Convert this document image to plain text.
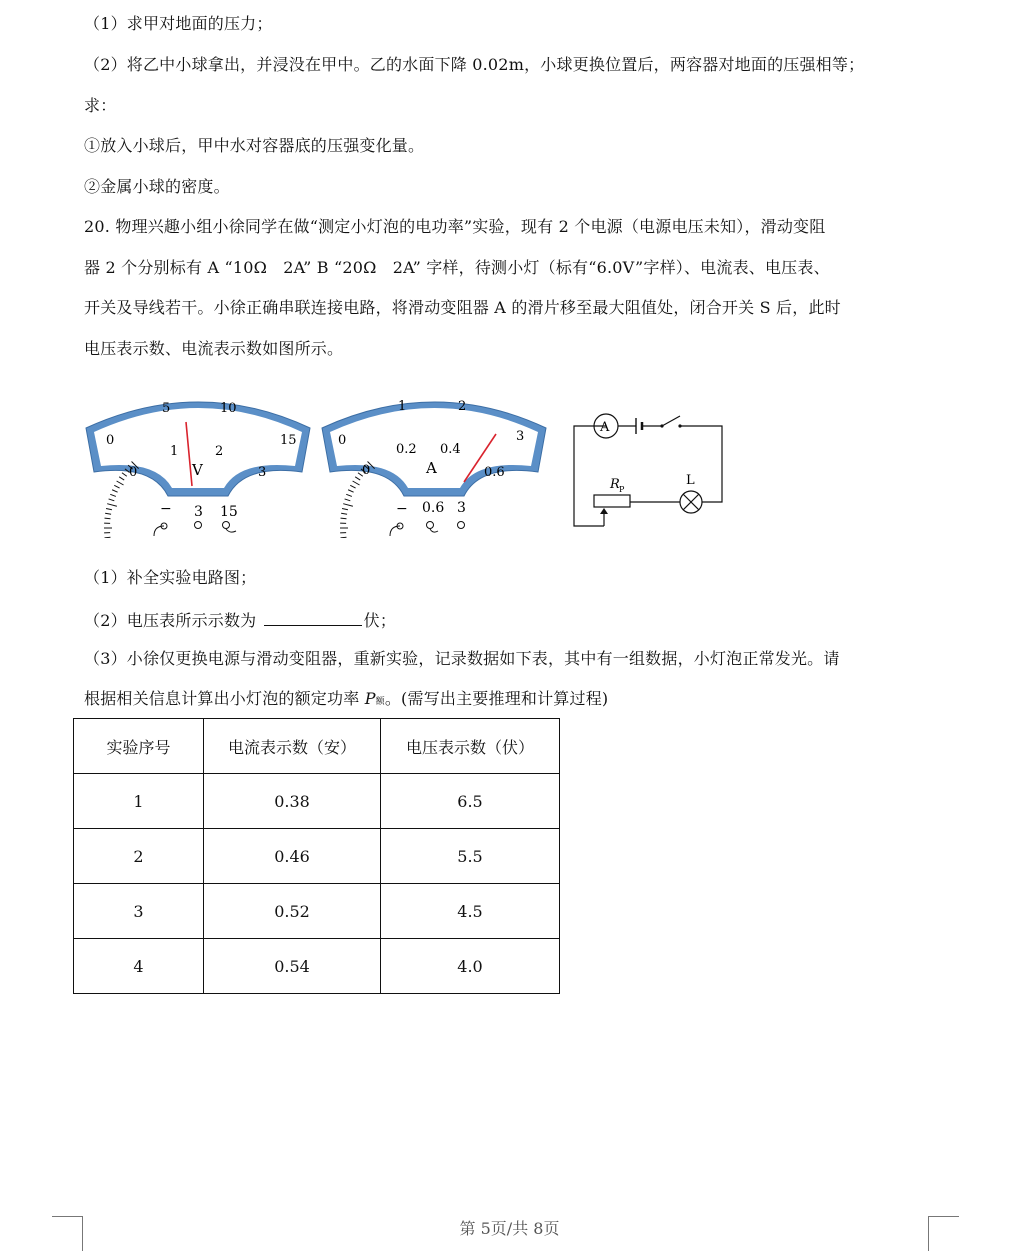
（1）求甲对地面的压力；
（2）将乙中小球拿出，并浸没在甲中。乙的水面下降 0.02m，小球更换位置后，两容器对地面的压强相等；
求：
①放入小球后，甲中水对容器底的压强变化量。
②金属小球的密度。
20. 物理兴趣小组小徐同学在做“测定小灯泡的电功率”实验，现有 2 个电源（电源电压未知），滑动变阻
器 2 个分别标有 A “10Ω　2A” B “20Ω　2A” 字样，待测小灯（标有“6.0V”字样）、电流表、电压表、
开关及导线若干。小徐正确串联连接电路，将滑动变阻器 A 的滑片移至最大阻值处，闭合开关 S 后，此时
电压表示数、电流表示数如图所示。
0
5	10
15
0
1	2
3
V
− 3 15
0
1	2
3
0
0.2 0.4
0.6
A
− 0.6 3
A
R P
L
（1）补全实验电路图；
（2）电压表所示示数为	伏；
（3）小徐仅更换电源与滑动变阻器，重新实验，记录数据如下表，其中有一组数据，小灯泡正常发光。请
根据相关信息计算出小灯泡的额定功率 P额。(需写出主要推理和计算过程)
实验序号	电流表示数（安）	电压表示数（伏）
1	0.38	6.5
2	0.46	5.5
3	0.52	4.5
4	0.54	4.0
第 5页/共 8页
